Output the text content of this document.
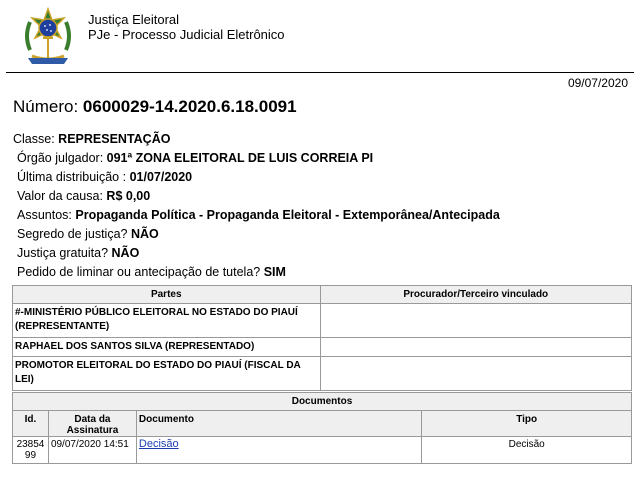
Justiça Eleitoral
PJe - Processo Judicial Eletrônico
09/07/2020
Número: 0600029-14.2020.6.18.0091
Classe: REPRESENTAÇÃO
Órgão julgador: 091ª ZONA ELEITORAL DE LUIS CORREIA PI
Última distribuição : 01/07/2020
Valor da causa: R$ 0,00
Assuntos: Propaganda Política - Propaganda Eleitoral - Extemporânea/Antecipada
Segredo de justiça? NÃO
Justiça gratuita? NÃO
Pedido de liminar ou antecipação de tutela? SIM
Partes	Procurador/Terceiro vinculado
#-MINISTÉRIO PÚBLICO ELEITORAL NO ESTADO DO PIAUÍ (REPRESENTANTE)	
RAPHAEL DOS SANTOS SILVA (REPRESENTADO)	
PROMOTOR ELEITORAL DO ESTADO DO PIAUÍ (FISCAL DA LEI)	
Documentos			
Id.	Data da Assinatura	Documento	Tipo
2385499	09/07/2020 14:51	Decisão	Decisão
